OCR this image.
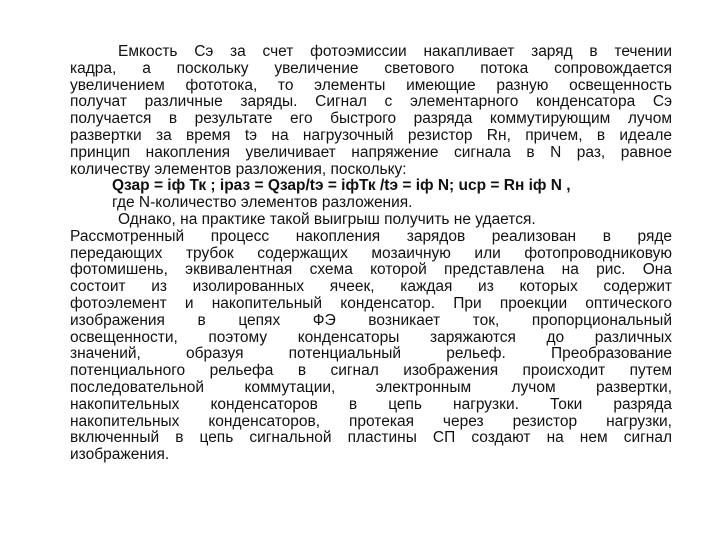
Емкость Сэ за счет фотоэмиссии накапливает заряд в течении
кадра, а поскольку увеличение светового потока сопровождается
увеличением фототока, то элементы имеющие разную освещенность
получат различные заряды. Сигнал с элементарного конденсатора Сэ
получается в результате его быстрого разряда коммутирующим лучом
развертки за время tэ на нагрузочный резистор Rн, причем, в идеале
принцип накопления увеличивает напряжение сигнала в N раз, равное
количеству элементов разложения, поскольку:
Qзар = iф Тк ; iраз = Qзар/tэ = iфТк /tэ = iф N; uср = Rн iф N ,
где N-количество элементов разложения.
Однако, на практике такой выигрыш получить не удается.
Рассмотренный процесс накопления зарядов реализован в ряде
передающих трубок содержащих мозаичную или фотопроводниковую
фотомишень, эквивалентная схема которой представлена на рис. Она
состоит из изолированных ячеек, каждая из которых содержит
фотоэлемент и накопительный конденсатор. При проекции оптического
изображения в цепях ФЭ возникает ток, пропорциональный
освещенности, поэтому конденсаторы заряжаются до различных
значений, образуя потенциальный рельеф. Преобразование
потенциального рельефа в сигнал изображения происходит путем
последовательной коммутации, электронным лучом развертки,
накопительных конденсаторов в цепь нагрузки. Токи разряда
накопительных конденсаторов, протекая через резистор нагрузки,
включенный в цепь сигнальной пластины СП создают на нем сигнал
изображения.
